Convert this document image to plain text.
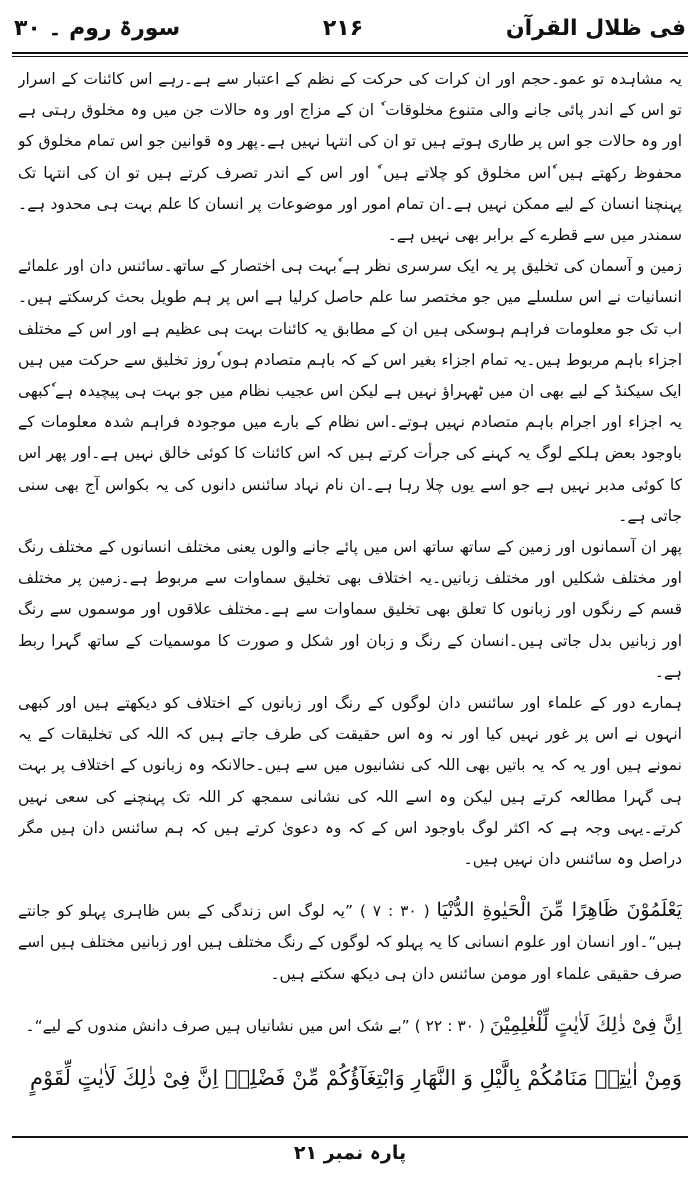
فی ظلال القرآن
۲۱۶
سورۃ روم ۔ ۳۰

یہ مشاہدہ تو عمو۔حجم اور ان کرات کی حرکت کے نظم کے اعتبار سے ہے۔رہے اس کائنات کے اسرار تو اس کے اندر پائی جانے والی متنوع مخلوقات ٗ ان کے مزاج اور وہ حالات جن میں وہ مخلوق رہتی ہے اور وہ حالات جو اس پر طاری ہوتے ہیں تو ان کی انتہا نہیں ہے۔پھر وہ قوانین جو اس تمام مخلوق کو محفوظ رکھتے ہیں ٗاس مخلوق کو چلاتے ہیں ٗ اور اس کے اندر تصرف کرتے ہیں تو ان کی انتہا تک پہنچنا انسان کے لیے ممکن نہیں ہے۔ان تمام امور اور موضوعات پر انسان کا علم بہت ہی محدود ہے۔سمندر میں سے قطرے کے برابر بھی نہیں ہے۔

زمین و آسمان کی تخلیق پر یہ ایک سرسری نظر ہے ٗبہت ہی اختصار کے ساتھ۔سائنس دان اور علمائے انسانیات نے اس سلسلے میں جو مختصر سا علم حاصل کرلیا ہے اس پر ہم طویل بحث کرسکتے ہیں۔اب تک جو معلومات فراہم ہوسکی ہیں ان کے مطابق یہ کائنات بہت ہی عظیم ہے اور اس کے مختلف اجزاء باہم مربوط ہیں۔یہ تمام اجزاء بغیر اس کے کہ باہم متصادم ہوں ٗروز تخلیق سے حرکت میں ہیں ٗایک سیکنڈ کے لیے بھی ان میں ٹھہراؤ نہیں ہے لیکن اس عجیب نظام میں جو بہت ہی پیچیدہ ہے ٗکبھی یہ اجزاء اور اجرام باہم متصادم نہیں ہوتے۔اس نظام کے بارے میں موجودہ فراہم شدہ معلومات کے باوجود بعض ہلکے لوگ یہ کہنے کی جرأت کرتے ہیں کہ اس کائنات کا کوئی خالق نہیں ہے۔اور پھر اس کا کوئی مدبر نہیں ہے جو اسے یوں چلا رہا ہے۔ان نام نہاد سائنس دانوں کی یہ بکواس آج بھی سنی جاتی ہے۔

پھر ان آسمانوں اور زمین کے ساتھ ساتھ اس میں پائے جانے والوں یعنی مختلف انسانوں کے مختلف رنگ اور مختلف شکلیں اور مختلف زبانیں۔یہ اختلاف بھی تخلیق سماوات سے مربوط ہے۔زمین پر مختلف قسم کے رنگوں اور زبانوں کا تعلق بھی تخلیق سماوات سے ہے۔مختلف علاقوں اور موسموں سے رنگ اور زبانیں بدل جاتی ہیں۔انسان کے رنگ و زبان اور شکل و صورت کا موسمیات کے ساتھ گہرا ربط ہے۔

ہمارے دور کے علماء اور سائنس دان لوگوں کے رنگ اور زبانوں کے اختلاف کو دیکھتے ہیں اور کبھی انہوں نے اس پر غور نہیں کیا اور نہ وہ اس حقیقت کی طرف جاتے ہیں کہ اللہ کی تخلیقات کے یہ نمونے ہیں اور یہ کہ یہ باتیں بھی اللہ کی نشانیوں میں سے ہیں۔حالانکہ وہ زبانوں کے اختلاف پر بہت ہی گہرا مطالعہ کرتے ہیں لیکن وہ اسے اللہ کی نشانی سمجھ کر اللہ تک پہنچنے کی سعی نہیں کرتے۔یہی وجہ ہے کہ اکثر لوگ باوجود اس کے کہ وہ دعویٰ کرتے ہیں کہ ہم سائنس دان ہیں مگر دراصل وہ سائنس دان نہیں ہیں۔

یَعْلَمُوْنَ ظَاهِرًا مِّنَ الْحَیٰوةِ الدُّنْیَا ( ۳۰ : ۷ ) ”یہ لوگ اس زندگی کے بس ظاہری پہلو کو جانتے ہیں“۔اور انسان اور علوم انسانی کا یہ پہلو کہ لوگوں کے رنگ مختلف ہیں اور زبانیں مختلف ہیں اسے صرف حقیقی علماء اور مومن سائنس دان ہی دیکھ سکتے ہیں۔

اِنَّ فِیْ ذٰلِكَ لَاٰیٰتٍ لِّلْعٰلِمِیْنَ ( ۳۰ : ۲۲ ) ”بے شک اس میں نشانیاں ہیں صرف دانش مندوں کے لیے“۔

وَمِنْ اٰیٰتِهٖ مَنَامُكُمْ بِالَّیْلِ وَ النَّهَارِ وَابْتِغَآؤُكُمْ مِّنْ فَضْلِهٖ اِنَّ فِیْ ذٰلِكَ لَاٰیٰتٍ لِّقَوْمٍ

پارہ نمبر ۲۱
